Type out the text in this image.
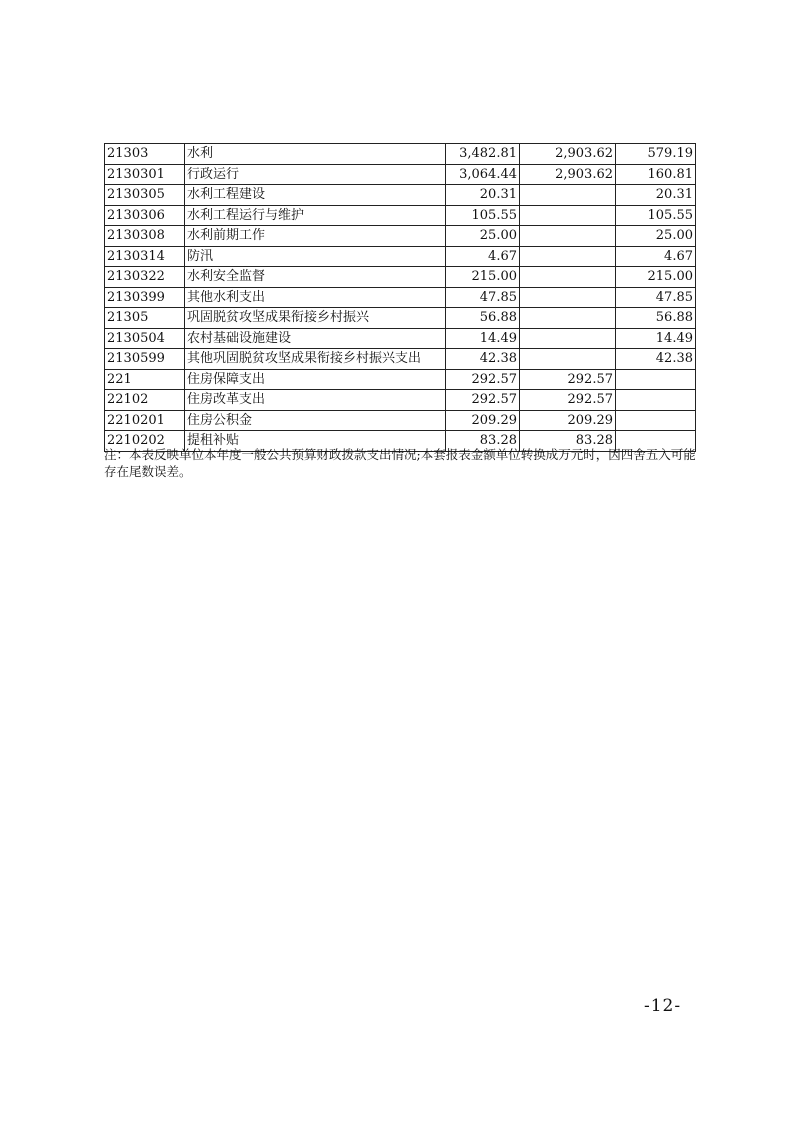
21303	水利	3,482.81	2,903.62	579.19
2130301	行政运行	3,064.44	2,903.62	160.81
2130305	水利工程建设	20.31		20.31
2130306	水利工程运行与维护	105.55		105.55
2130308	水利前期工作	25.00		25.00
2130314	防汛	4.67		4.67
2130322	水利安全监督	215.00		215.00
2130399	其他水利支出	47.85		47.85
21305	巩固脱贫攻坚成果衔接乡村振兴	56.88		56.88
2130504	农村基础设施建设	14.49		14.49
2130599	其他巩固脱贫攻坚成果衔接乡村振兴支出	42.38		42.38
221	住房保障支出	292.57	292.57	
22102	住房改革支出	292.57	292.57	
2210201	住房公积金	209.29	209.29	
2210202	提租补贴	83.28	83.28	
注：本表反映单位本年度一般公共预算财政拨款支出情况;本套报表金额单位转换成万元时，因四舍五入可能存在尾数误差。
-12-
